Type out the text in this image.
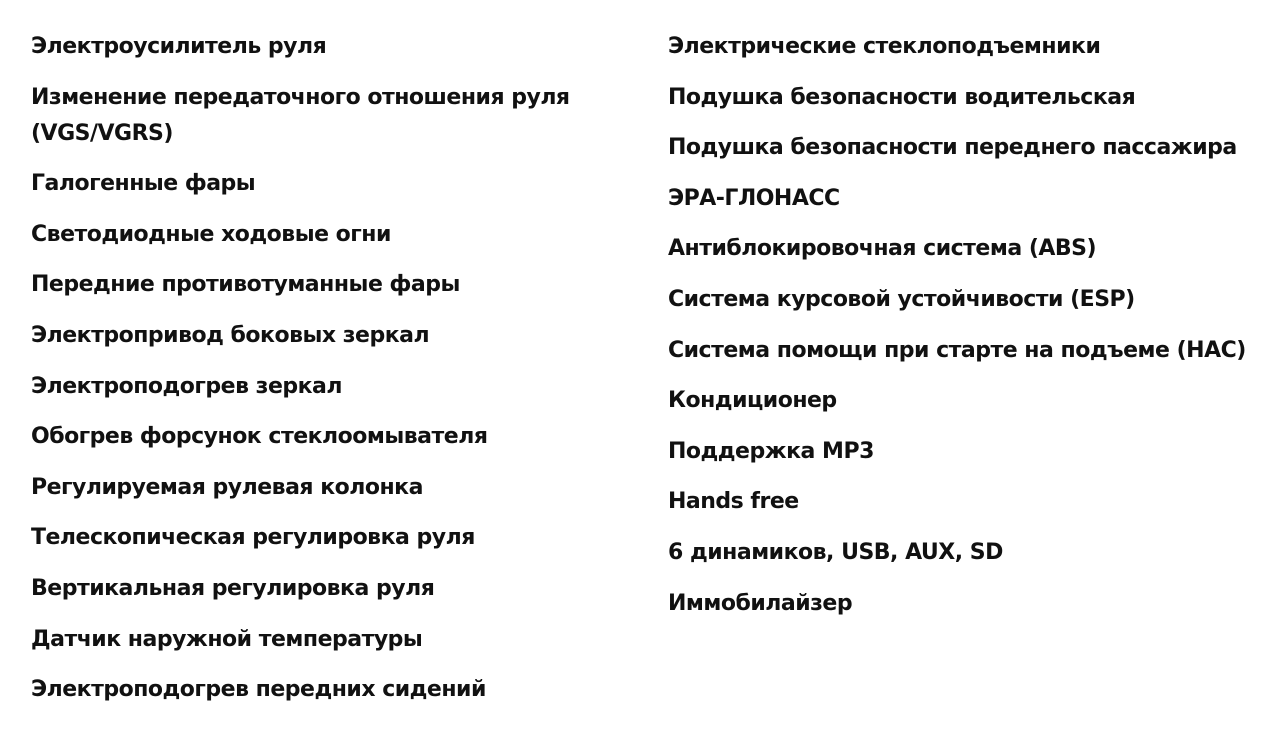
Электроусилитель руля
Изменение передаточного отношения руля (VGS/VGRS)
Галогенные фары
Светодиодные ходовые огни
Передние противотуманные фары
Электропривод боковых зеркал
Электроподогрев зеркал
Обогрев форсунок стеклоомывателя
Регулируемая рулевая колонка
Телескопическая регулировка руля
Вертикальная регулировка руля
Датчик наружной температуры
Электроподогрев передних сидений
Электрические стеклоподъемники
Подушка безопасности водительская
Подушка безопасности переднего пассажира
ЭРА-ГЛОНАСС
Антиблокировочная система (ABS)
Система курсовой устойчивости (ESP)
Система помощи при старте на подъеме (HAC)
Кондиционер
Поддержка MP3
Hands free
6 динамиков, USB, AUX, SD
Иммобилайзер
